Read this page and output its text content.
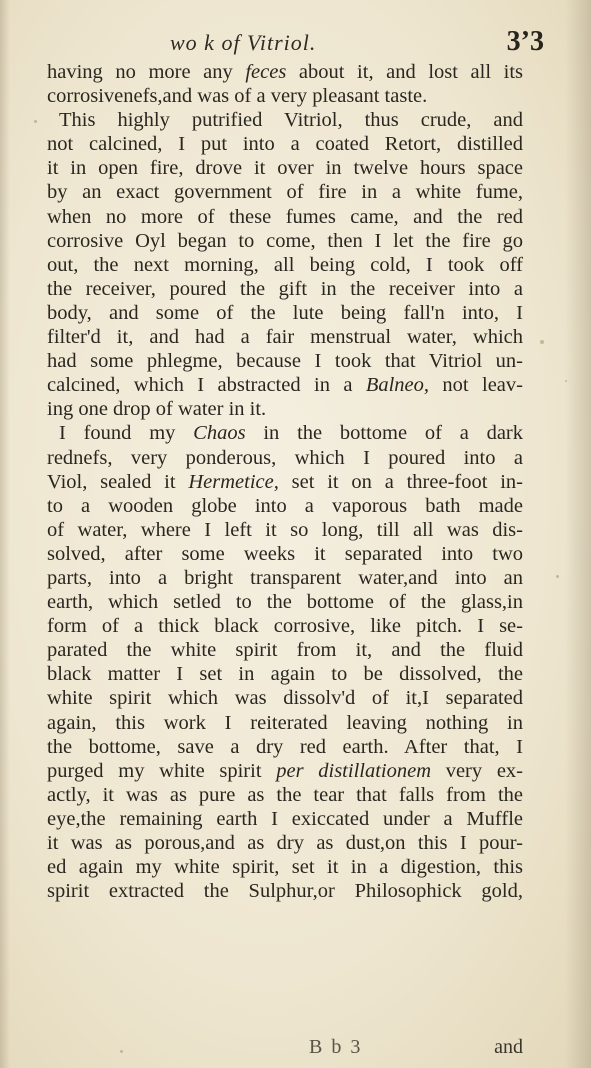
wo k of Vitriol.	3’3
having no more any feces about it, and lost all its
corrosivenefs,and was of a very pleasant taste.
This highly putrified Vitriol, thus crude, and
not calcined, I put into a coated Retort, distilled
it in open fire, drove it over in twelve hours space
by an exact government of fire in a white fume,
when no more of these fumes came, and the red
corrosive Oyl began to come, then I let the fire go
out, the next morning, all being cold, I took off
the receiver, poured the gift in the receiver into a
body, and some of the lute being fall'n into, I
filter'd it, and had a fair menstrual water, which
had some phlegme, because I took that Vitriol un-
calcined, which I abstracted in a Balneo, not leav-
ing one drop of water in it.
I found my Chaos in the bottome of a dark
rednefs, very ponderous, which I poured into a
Viol, sealed it Hermetice, set it on a three-foot in-
to a wooden globe into a vaporous bath made
of water, where I left it so long, till all was dis-
solved, after some weeks it separated into two
parts, into a bright transparent water,and into an
earth, which setled to the bottome of the glass,in
form of a thick black corrosive, like pitch. I se-
parated the white spirit from it, and the fluid
black matter I set in again to be dissolved, the
white spirit which was dissolv'd of it,I separated
again, this work I reiterated leaving nothing in
the bottome, save a dry red earth. After that, I
purged my white spirit per distillationem very ex-
actly, it was as pure as the tear that falls from the
eye,the remaining earth I exiccated under a Muffle
it was as porous,and as dry as dust,on this I pour-
ed again my white spirit, set it in a digestion, this
spirit extracted the Sulphur,or Philosophick gold,
B b 3	and
